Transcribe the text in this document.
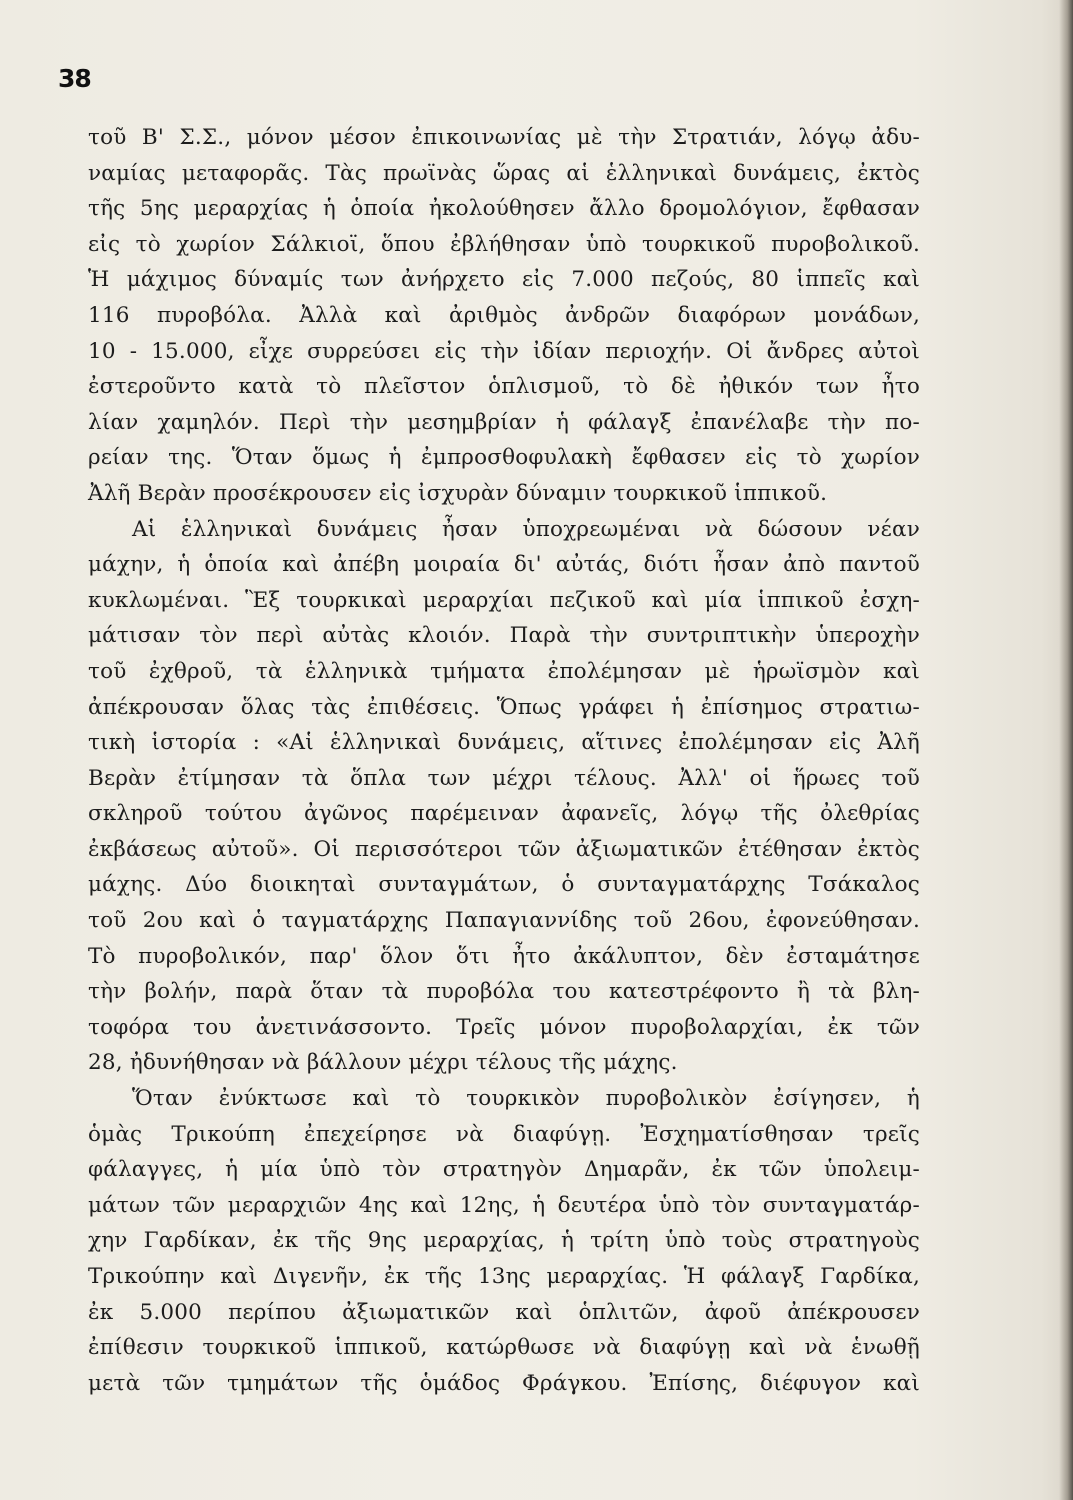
38
τοῦ Β' Σ.Σ., μόνον μέσον ἐπικοινωνίας μὲ τὴν Στρατιάν, λόγῳ ἀδυ-
ναμίας μεταφορᾶς. Τὰς πρωϊνὰς ὥρας αἱ ἑλληνικαὶ δυνάμεις, ἐκτὸς
τῆς 5ης μεραρχίας ἡ ὁποία ἠκολούθησεν ἄλλο δρομολόγιον, ἔφθασαν
εἰς τὸ χωρίον Σάλκιοϊ, ὅπου ἐβλήθησαν ὑπὸ τουρκικοῦ πυροβολικοῦ.
Ἡ μάχιμος δύναμίς των ἀνήρχετο εἰς 7.000 πεζούς, 80 ἱππεῖς καὶ
116 πυροβόλα. Ἀλλὰ καὶ ἀριθμὸς ἀνδρῶν διαφόρων μονάδων,
10 - 15.000, εἶχε συρρεύσει εἰς τὴν ἰδίαν περιοχήν. Οἱ ἄνδρες αὐτοὶ
ἐστεροῦντο κατὰ τὸ πλεῖστον ὁπλισμοῦ, τὸ δὲ ἠθικόν των ἦτο
λίαν χαμηλόν. Περὶ τὴν μεσημβρίαν ἡ φάλαγξ ἐπανέλαβε τὴν πο-
ρείαν της. Ὅταν ὅμως ἡ ἐμπροσθοφυλακὴ ἔφθασεν εἰς τὸ χωρίον
Ἀλῆ Βερὰν προσέκρουσεν εἰς ἰσχυρὰν δύναμιν τουρκικοῦ ἱππικοῦ.
Αἱ ἑλληνικαὶ δυνάμεις ἦσαν ὑποχρεωμέναι νὰ δώσουν νέαν
μάχην, ἡ ὁποία καὶ ἀπέβη μοιραία δι' αὐτάς, διότι ἦσαν ἀπὸ παντοῦ
κυκλωμέναι. Ἓξ τουρκικαὶ μεραρχίαι πεζικοῦ καὶ μία ἱππικοῦ ἐσχη-
μάτισαν τὸν περὶ αὐτὰς κλοιόν. Παρὰ τὴν συντριπτικὴν ὑπεροχὴν
τοῦ ἐχθροῦ, τὰ ἑλληνικὰ τμήματα ἐπολέμησαν μὲ ἡρωϊσμὸν καὶ
ἀπέκρουσαν ὅλας τὰς ἐπιθέσεις. Ὅπως γράφει ἡ ἐπίσημος στρατιω-
τικὴ ἱστορία : «Αἱ ἑλληνικαὶ δυνάμεις, αἵτινες ἐπολέμησαν εἰς Ἀλῆ
Βερὰν ἐτίμησαν τὰ ὅπλα των μέχρι τέλους. Ἀλλ' οἱ ἥρωες τοῦ
σκληροῦ τούτου ἀγῶνος παρέμειναν ἀφανεῖς, λόγῳ τῆς ὀλεθρίας
ἐκβάσεως αὐτοῦ». Οἱ περισσότεροι τῶν ἀξιωματικῶν ἐτέθησαν ἐκτὸς
μάχης. Δύο διοικηταὶ συνταγμάτων, ὁ συνταγματάρχης Τσάκαλος
τοῦ 2ου καὶ ὁ ταγματάρχης Παπαγιαννίδης τοῦ 26ου, ἐφονεύθησαν.
Τὸ πυροβολικόν, παρ' ὅλον ὅτι ἦτο ἀκάλυπτον, δὲν ἐσταμάτησε
τὴν βολήν, παρὰ ὅταν τὰ πυροβόλα του κατεστρέφοντο ἢ τὰ βλη-
τοφόρα του ἀνετινάσσοντο. Τρεῖς μόνον πυροβολαρχίαι, ἐκ τῶν
28, ἠδυνήθησαν νὰ βάλλουν μέχρι τέλους τῆς μάχης.
Ὅταν ἐνύκτωσε καὶ τὸ τουρκικὸν πυροβολικὸν ἐσίγησεν, ἡ
ὁμὰς Τρικούπη ἐπεχείρησε νὰ διαφύγῃ. Ἐσχηματίσθησαν τρεῖς
φάλαγγες, ἡ μία ὑπὸ τὸν στρατηγὸν Δημαρᾶν, ἐκ τῶν ὑπολειμ-
μάτων τῶν μεραρχιῶν 4ης καὶ 12ης, ἡ δευτέρα ὑπὸ τὸν συνταγματάρ-
χην Γαρδίκαν, ἐκ τῆς 9ης μεραρχίας, ἡ τρίτη ὑπὸ τοὺς στρατηγοὺς
Τρικούπην καὶ Διγενῆν, ἐκ τῆς 13ης μεραρχίας. Ἡ φάλαγξ Γαρδίκα,
ἐκ 5.000 περίπου ἀξιωματικῶν καὶ ὁπλιτῶν, ἀφοῦ ἀπέκρουσεν
ἐπίθεσιν τουρκικοῦ ἱππικοῦ, κατώρθωσε νὰ διαφύγῃ καὶ νὰ ἑνωθῇ
μετὰ τῶν τμημάτων τῆς ὁμάδος Φράγκου. Ἐπίσης, διέφυγον καὶ
